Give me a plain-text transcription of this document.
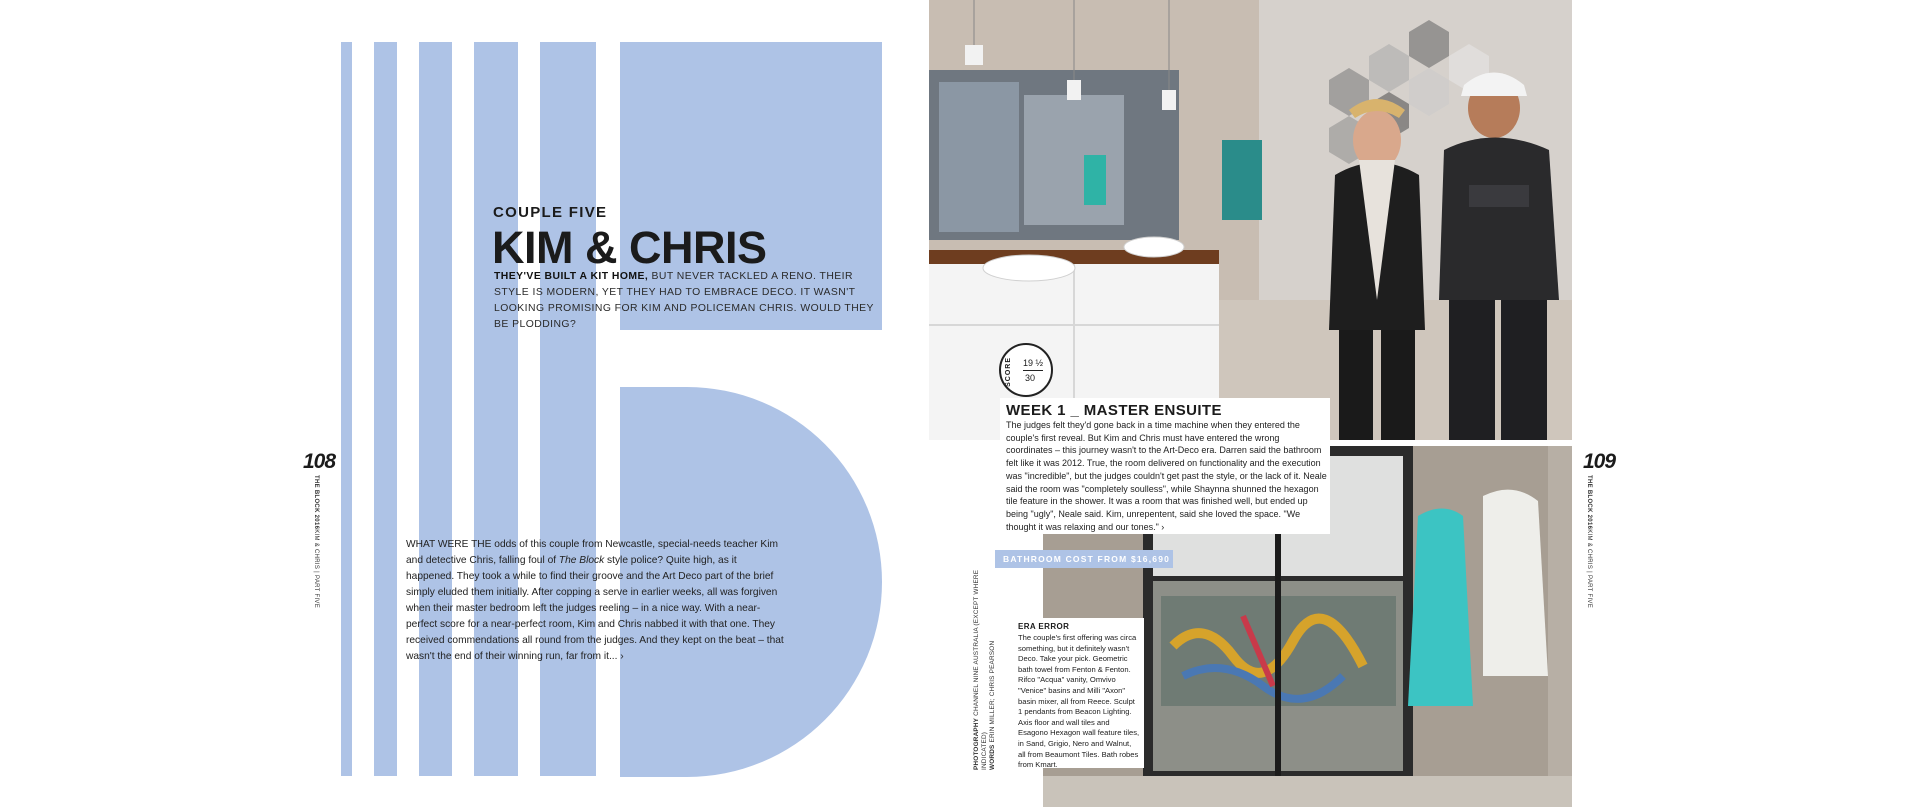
COUPLE FIVE
KIM & CHRIS
THEY'VE BUILT A KIT HOME, BUT NEVER TACKLED A RENO. THEIR STYLE IS MODERN, YET THEY HAD TO EMBRACE DECO. IT WASN'T LOOKING PROMISING FOR KIM AND POLICEMAN CHRIS. WOULD THEY BE PLODDING?
WHAT WERE THE odds of this couple from Newcastle, special-needs teacher Kim and detective Chris, falling foul of The Block style police? Quite high, as it happened. They took a while to find their groove and the Art Deco part of the brief simply eluded them initially. After copping a serve in earlier weeks, all was forgiven when their master bedroom left the judges reeling – in a nice way. With a near-perfect score for a near-perfect room, Kim and Chris nabbed it with that one. They received commendations all round from the judges. And they kept on the beat – that wasn't the end of their winning run, far from it... ›
108
THE BLOCK 2016KIM & CHRIS | PART FIVE
109
THE BLOCK 2016KIM & CHRIS | PART FIVE
SCORE 19 ½
30
WEEK 1 _ MASTER ENSUITE
The judges felt they'd gone back in a time machine when they entered the couple's first reveal. But Kim and Chris must have entered the wrong coordinates – this journey wasn't to the Art-Deco era. Darren said the bathroom felt like it was 2012. True, the room delivered on functionality and the execution was "incredible", but the judges couldn't get past the style, or the lack of it. Neale said the room was "completely soulless", while Shaynna shunned the hexagon tile feature in the shower. It was a room that was finished well, but ended up being "ugly", Neale said. Kim, unrepentent, said she loved the space. "We thought it was relaxing and our tones." ›
BATHROOM COST FROM $16,690
ERA ERROR
The couple's first offering was circa something, but it definitely wasn't Deco. Take your pick. Geometric bath towel from Fenton & Fenton. Rifco "Acqua" vanity, Omvivo "Venice" basins and Milli "Axon" basin mixer, all from Reece. Sculpt 1 pendants from Beacon Lighting. Axis floor and wall tiles and Esagono Hexagon wall feature tiles, in Sand, Grigio, Nero and Walnut, all from Beaumont Tiles. Bath robes from Kmart.
PHOTOGRAPHY CHANNEL NINE AUSTRALIA (EXCEPT WHERE INDICATED)
WORDS ERIN MILLER; CHRIS PEARSON
